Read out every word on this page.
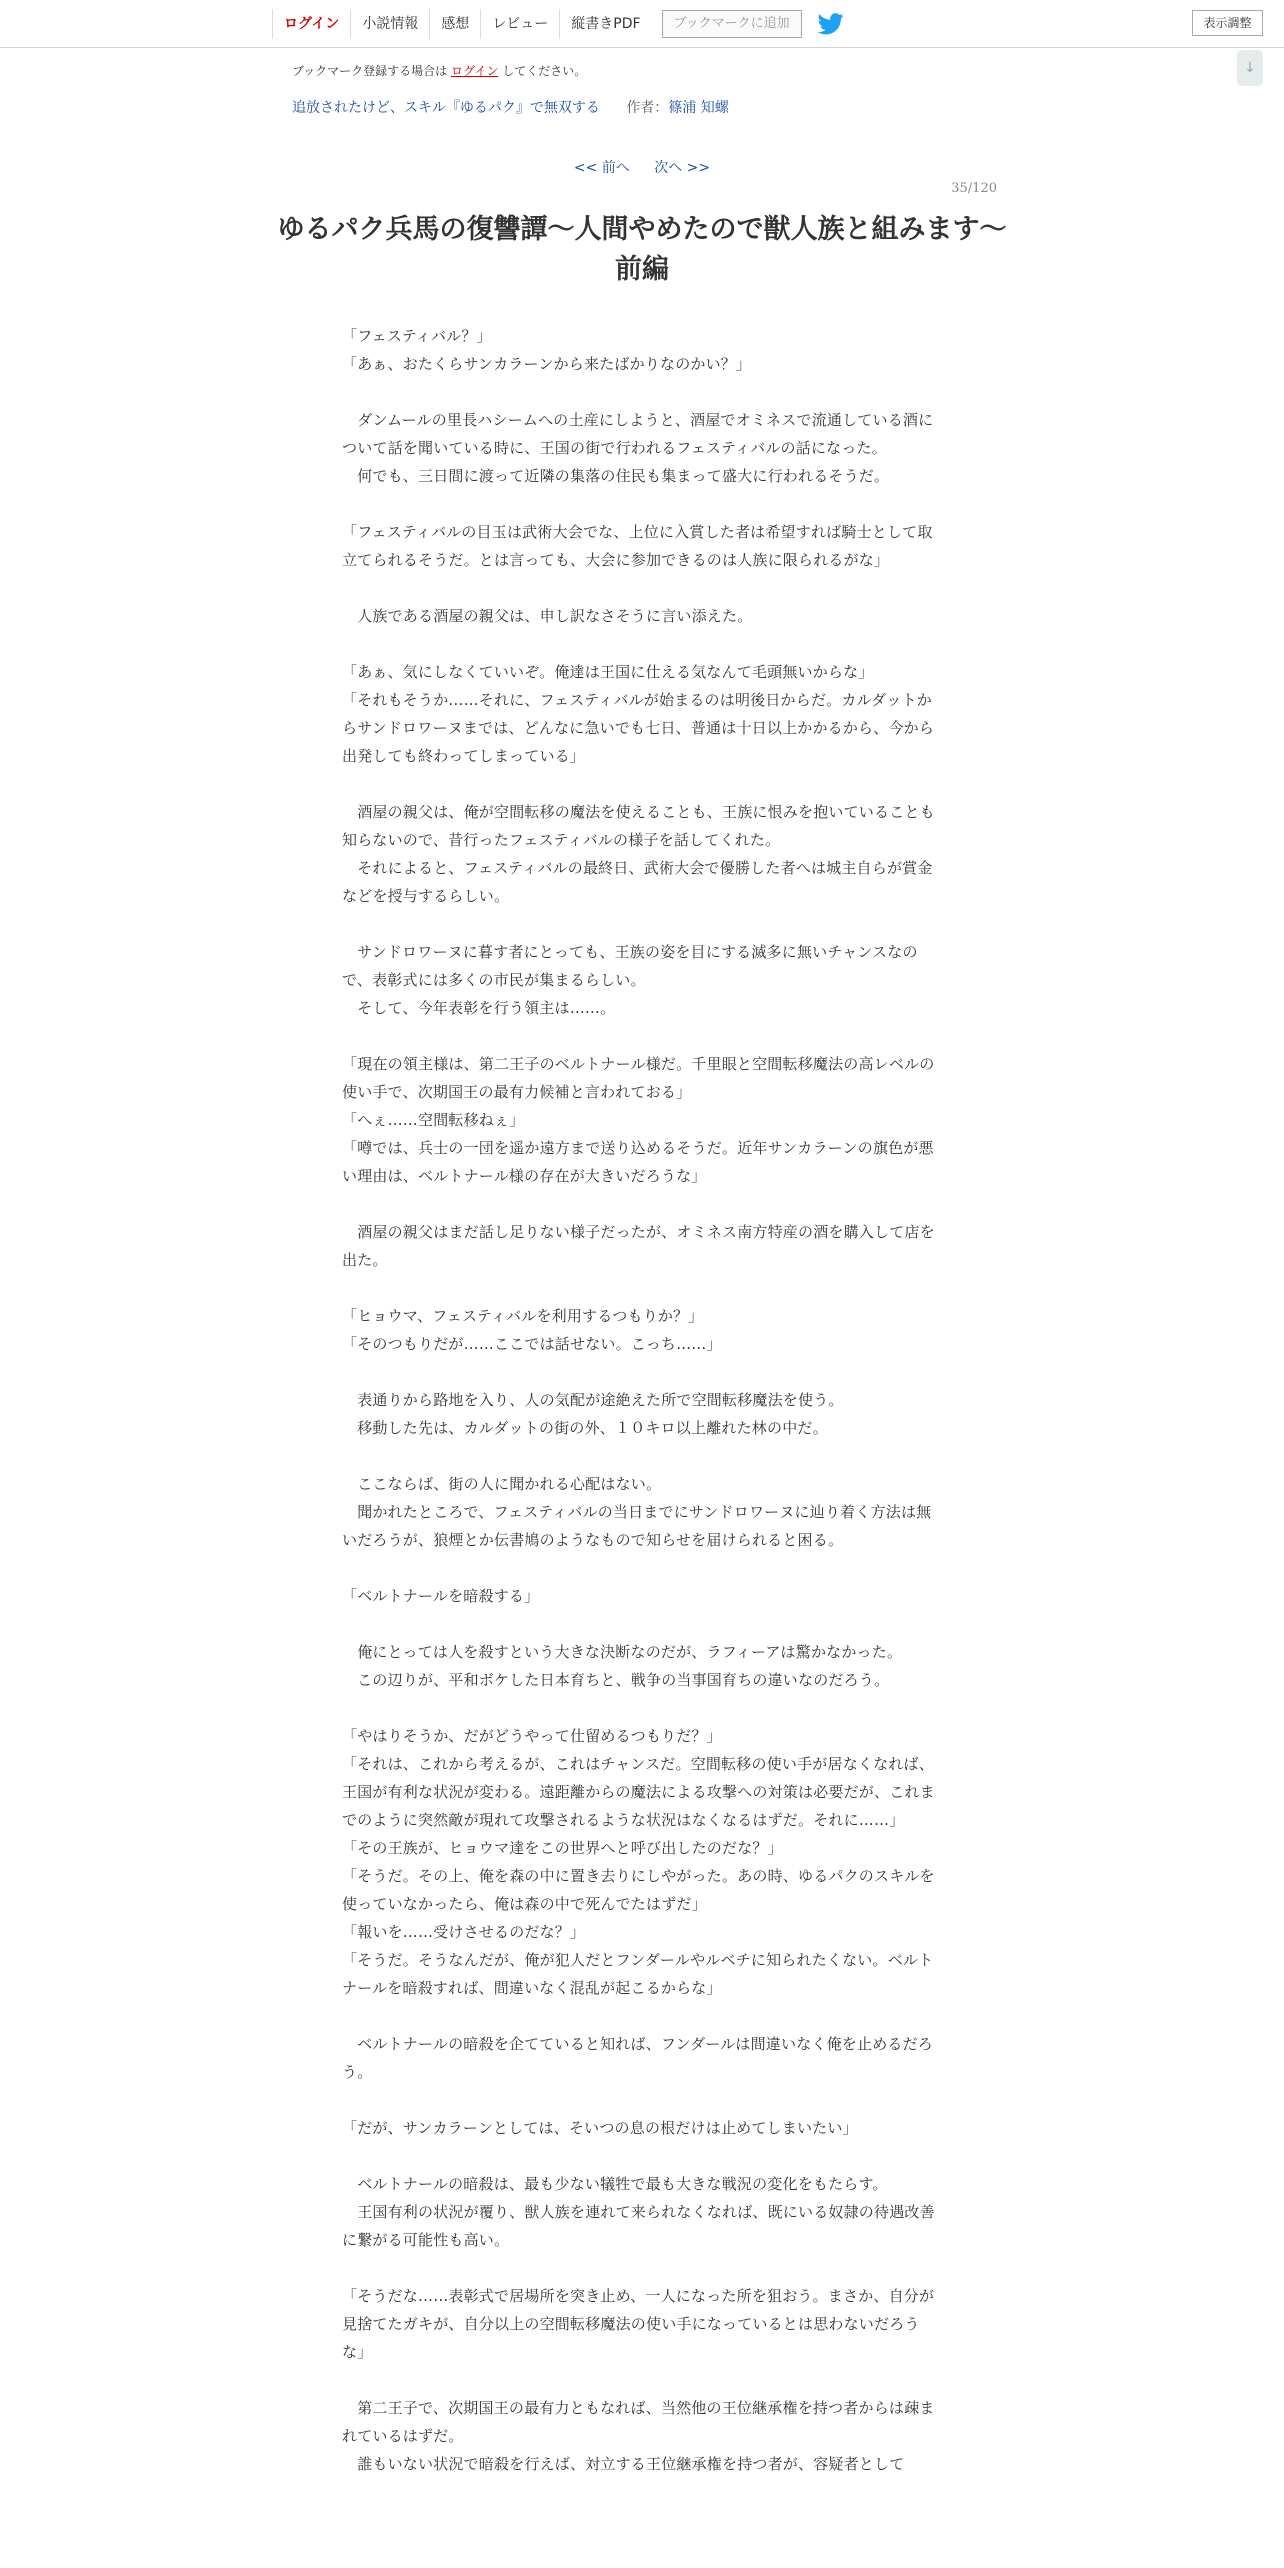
ログイン	小説情報	感想	レビュー	縦書きPDF	ブックマークに追加	表示調整
↓
ブックマーク登録する場合は ログイン してください。
追放されたけど、スキル『ゆるパク』で無双する 作者：篠浦 知螺
<< 前へ 次へ >>
35/120
ゆるパク兵馬の復讐譚～人間やめたので獣人族と組みます～　前編

「フェスティバル？」

「あぁ、おたくらサンカラーンから来たばかりなのかい？」

　ダンムールの里長ハシームへの土産にしようと、酒屋でオミネスで流通している酒について話を聞いている時に、王国の街で行われるフェスティバルの話になった。

　何でも、三日間に渡って近隣の集落の住民も集まって盛大に行われるそうだ。

「フェスティバルの目玉は武術大会でな、上位に入賞した者は希望すれば騎士として取立てられるそうだ。とは言っても、大会に参加できるのは人族に限られるがな」

　人族である酒屋の親父は、申し訳なさそうに言い添えた。

「あぁ、気にしなくていいぞ。俺達は王国に仕える気なんて毛頭無いからな」

「それもそうか……それに、フェスティバルが始まるのは明後日からだ。カルダットからサンドロワーヌまでは、どんなに急いでも七日、普通は十日以上かかるから、今から出発しても終わってしまっている」

　酒屋の親父は、俺が空間転移の魔法を使えることも、王族に恨みを抱いていることも知らないので、昔行ったフェスティバルの様子を話してくれた。

　それによると、フェスティバルの最終日、武術大会で優勝した者へは城主自らが賞金などを授与するらしい。

　サンドロワーヌに暮す者にとっても、王族の姿を目にする滅多に無いチャンスなので、表彰式には多くの市民が集まるらしい。

　そして、今年表彰を行う領主は……。

「現在の領主様は、第二王子のベルトナール様だ。千里眼と空間転移魔法の高レベルの使い手で、次期国王の最有力候補と言われておる」

「へぇ……空間転移ねぇ」

「噂では、兵士の一団を遥か遠方まで送り込めるそうだ。近年サンカラーンの旗色が悪い理由は、ベルトナール様の存在が大きいだろうな」

　酒屋の親父はまだ話し足りない様子だったが、オミネス南方特産の酒を購入して店を出た。

「ヒョウマ、フェスティバルを利用するつもりか？」

「そのつもりだが……ここでは話せない。こっち……」

　表通りから路地を入り、人の気配が途絶えた所で空間転移魔法を使う。

　移動した先は、カルダットの街の外、１０キロ以上離れた林の中だ。

　ここならば、街の人に聞かれる心配はない。

　聞かれたところで、フェスティバルの当日までにサンドロワーヌに辿り着く方法は無いだろうが、狼煙とか伝書鳩のようなもので知らせを届けられると困る。

「ベルトナールを暗殺する」

　俺にとっては人を殺すという大きな決断なのだが、ラフィーアは驚かなかった。

　この辺りが、平和ボケした日本育ちと、戦争の当事国育ちの違いなのだろう。

「やはりそうか、だがどうやって仕留めるつもりだ？」

「それは、これから考えるが、これはチャンスだ。空間転移の使い手が居なくなれば、王国が有利な状況が変わる。遠距離からの魔法による攻撃への対策は必要だが、これまでのように突然敵が現れて攻撃されるような状況はなくなるはずだ。それに……」

「その王族が、ヒョウマ達をこの世界へと呼び出したのだな？」

「そうだ。その上、俺を森の中に置き去りにしやがった。あの時、ゆるパクのスキルを使っていなかったら、俺は森の中で死んでたはずだ」

「報いを……受けさせるのだな？」

「そうだ。そうなんだが、俺が犯人だとフンダールやルベチに知られたくない。ベルトナールを暗殺すれば、間違いなく混乱が起こるからな」

　ベルトナールの暗殺を企てていると知れば、フンダールは間違いなく俺を止めるだろう。

「だが、サンカラーンとしては、そいつの息の根だけは止めてしまいたい」

　ベルトナールの暗殺は、最も少ない犠牲で最も大きな戦況の変化をもたらす。

　王国有利の状況が覆り、獣人族を連れて来られなくなれば、既にいる奴隷の待遇改善に繋がる可能性も高い。

「そうだな……表彰式で居場所を突き止め、一人になった所を狙おう。まさか、自分が見捨てたガキが、自分以上の空間転移魔法の使い手になっているとは思わないだろうな」

　第二王子で、次期国王の最有力ともなれば、当然他の王位継承権を持つ者からは疎まれているはずだ。

　誰もいない状況で暗殺を行えば、対立する王位継承権を持つ者が、容疑者として
